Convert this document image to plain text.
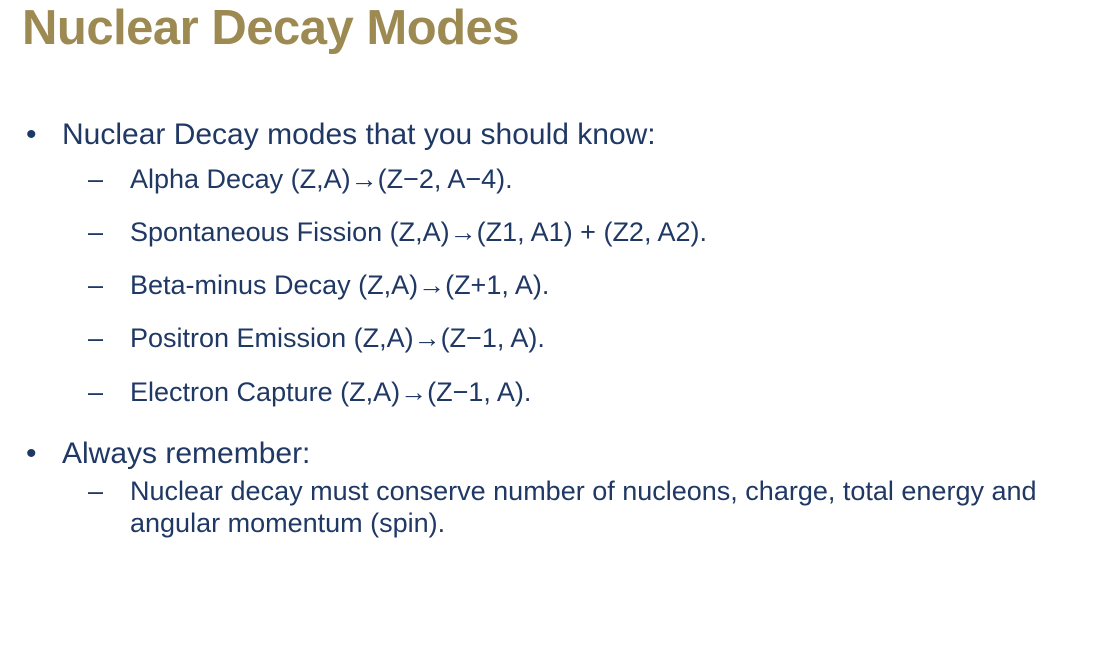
Nuclear Decay Modes
• Nuclear Decay modes that you should know:
– Alpha Decay (Z,A)→(Z−2, A−4).
– Spontaneous Fission (Z,A)→(Z1, A1) + (Z2, A2).
– Beta-minus Decay (Z,A)→(Z+1, A).
– Positron Emission (Z,A)→(Z−1, A).
– Electron Capture (Z,A)→(Z−1, A).
• Always remember:
– Nuclear decay must conserve number of nucleons, charge, total energy and angular momentum (spin).
